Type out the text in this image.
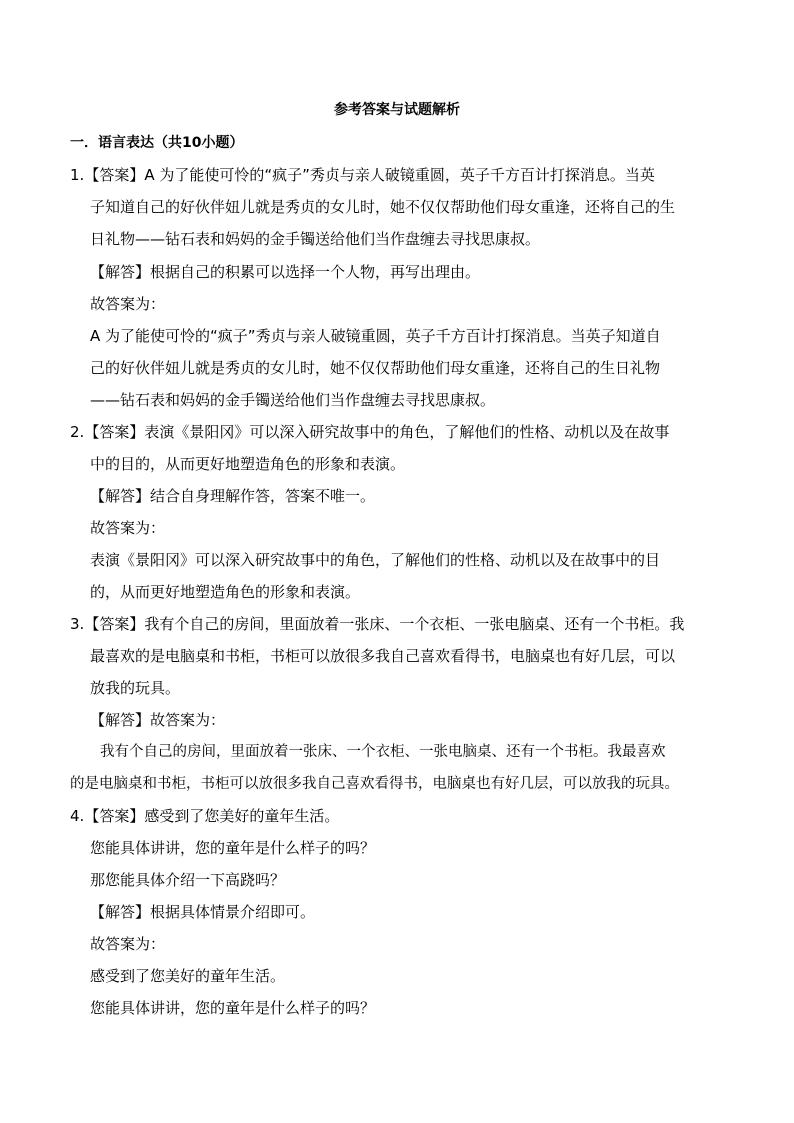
参考答案与试题解析
一．语言表达（共10小题）
1.【答案】A 为了能使可怜的“疯子”秀贞与亲人破镜重圆，英子千方百计打探消息。当英
子知道自己的好伙伴妞儿就是秀贞的女儿时，她不仅仅帮助他们母女重逢，还将自己的生
日礼物——钻石表和妈妈的金手镯送给他们当作盘缠去寻找思康叔。
【解答】根据自己的积累可以选择一个人物，再写出理由。
故答案为：
A 为了能使可怜的“疯子”秀贞与亲人破镜重圆，英子千方百计打探消息。当英子知道自
己的好伙伴妞儿就是秀贞的女儿时，她不仅仅帮助他们母女重逢，还将自己的生日礼物
——钻石表和妈妈的金手镯送给他们当作盘缠去寻找思康叔。
2.【答案】表演《景阳冈》可以深入研究故事中的角色，了解他们的性格、动机以及在故事
中的目的，从而更好地塑造角色的形象和表演。
【解答】结合自身理解作答，答案不唯一。
故答案为：
表演《景阳冈》可以深入研究故事中的角色，了解他们的性格、动机以及在故事中的目
的，从而更好地塑造角色的形象和表演。
3.【答案】我有个自己的房间，里面放着一张床、一个衣柜、一张电脑桌、还有一个书柜。我
最喜欢的是电脑桌和书柜，书柜可以放很多我自己喜欢看得书，电脑桌也有好几层，可以
放我的玩具。
【解答】故答案为：
我有个自己的房间，里面放着一张床、一个衣柜、一张电脑桌、还有一个书柜。我最喜欢
的是电脑桌和书柜，书柜可以放很多我自己喜欢看得书，电脑桌也有好几层，可以放我的玩具。
4.【答案】感受到了您美好的童年生活。
您能具体讲讲，您的童年是什么样子的吗？
那您能具体介绍一下高跷吗？
【解答】根据具体情景介绍即可。
故答案为：
感受到了您美好的童年生活。
您能具体讲讲，您的童年是什么样子的吗？
